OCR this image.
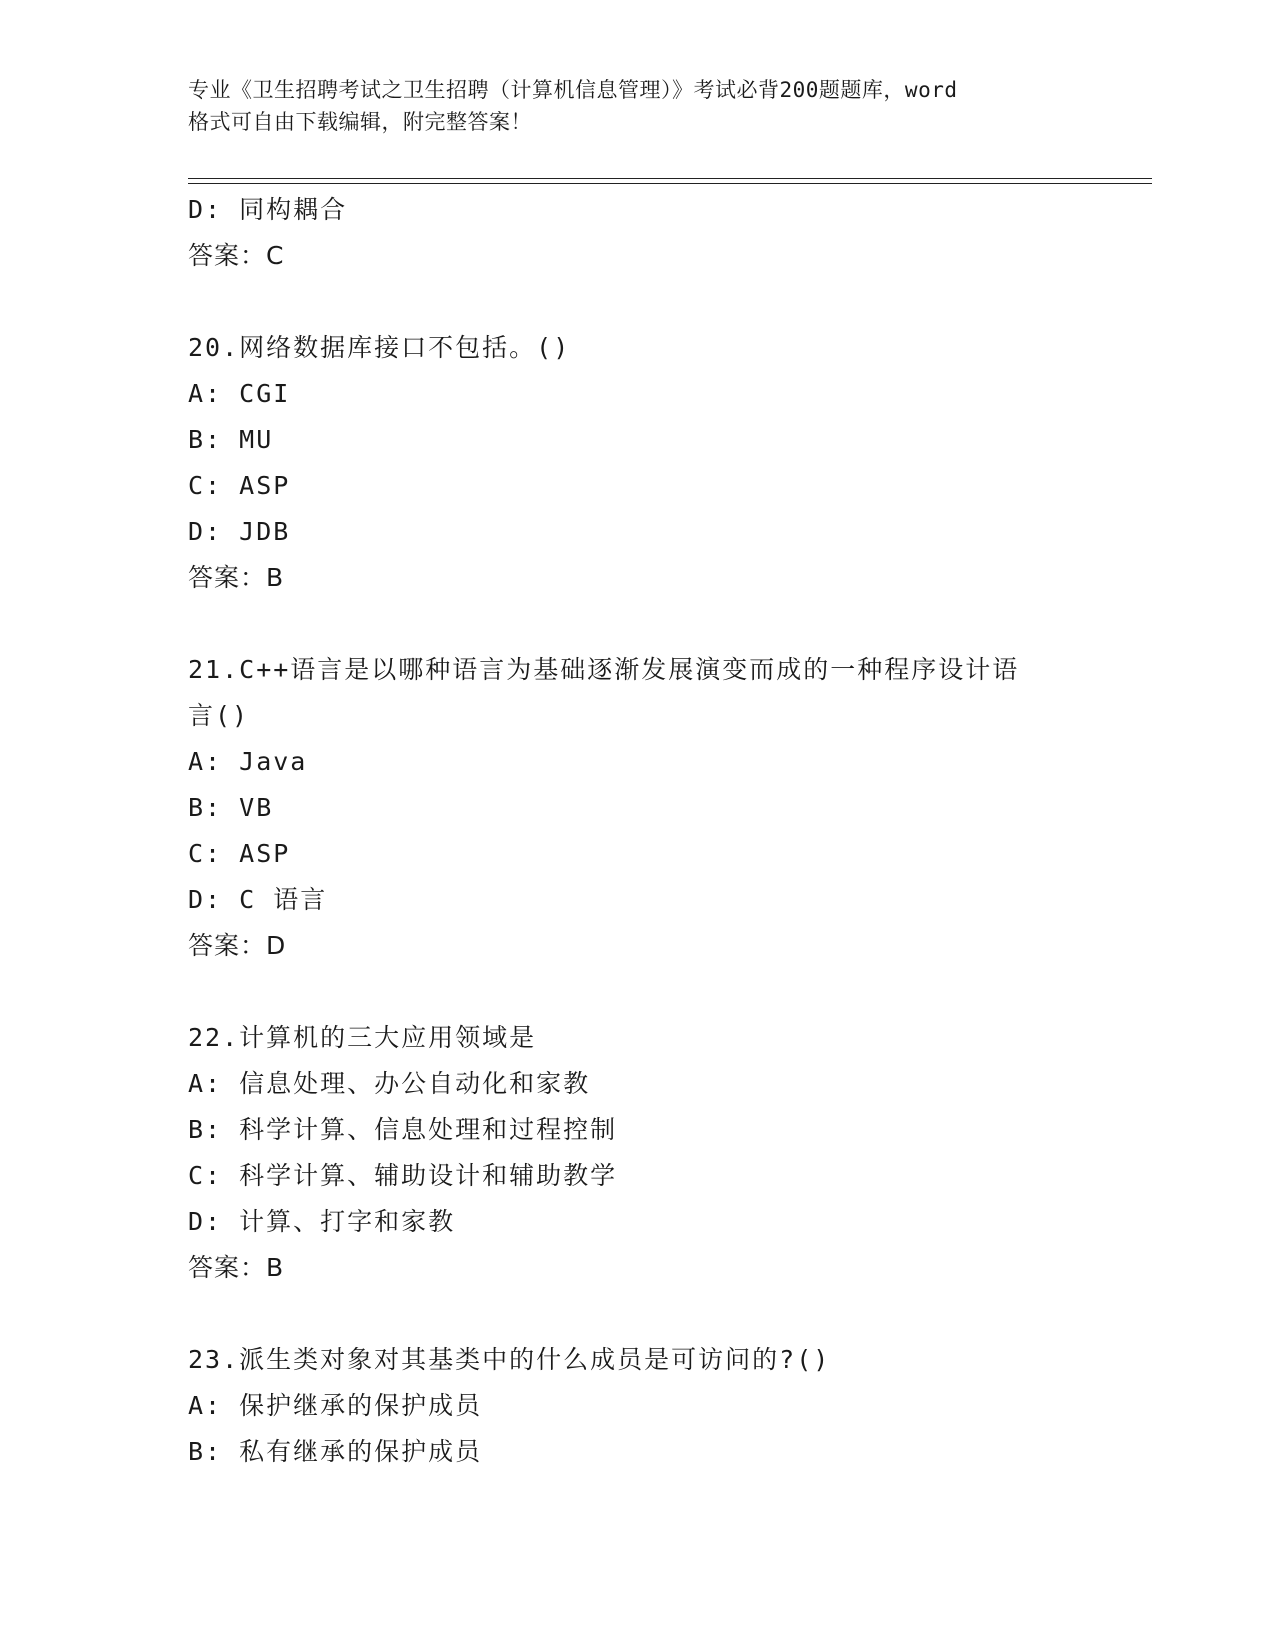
专业《卫生招聘考试之卫生招聘（计算机信息管理）》考试必背200题题库，word
格式可自由下载编辑，附完整答案！
D: 同构耦合
答案：C
20.网络数据库接口不包括。()
A: CGI
B: MU
C: ASP
D: JDB
答案：B
21.C++语言是以哪种语言为基础逐渐发展演变而成的一种程序设计语
言()
A: Java
B: VB
C: ASP
D: C 语言
答案：D
22.计算机的三大应用领域是
A: 信息处理、办公自动化和家教
B: 科学计算、信息处理和过程控制
C: 科学计算、辅助设计和辅助教学
D: 计算、打字和家教
答案：B
23.派生类对象对其基类中的什么成员是可访问的?()
A: 保护继承的保护成员
B: 私有继承的保护成员
